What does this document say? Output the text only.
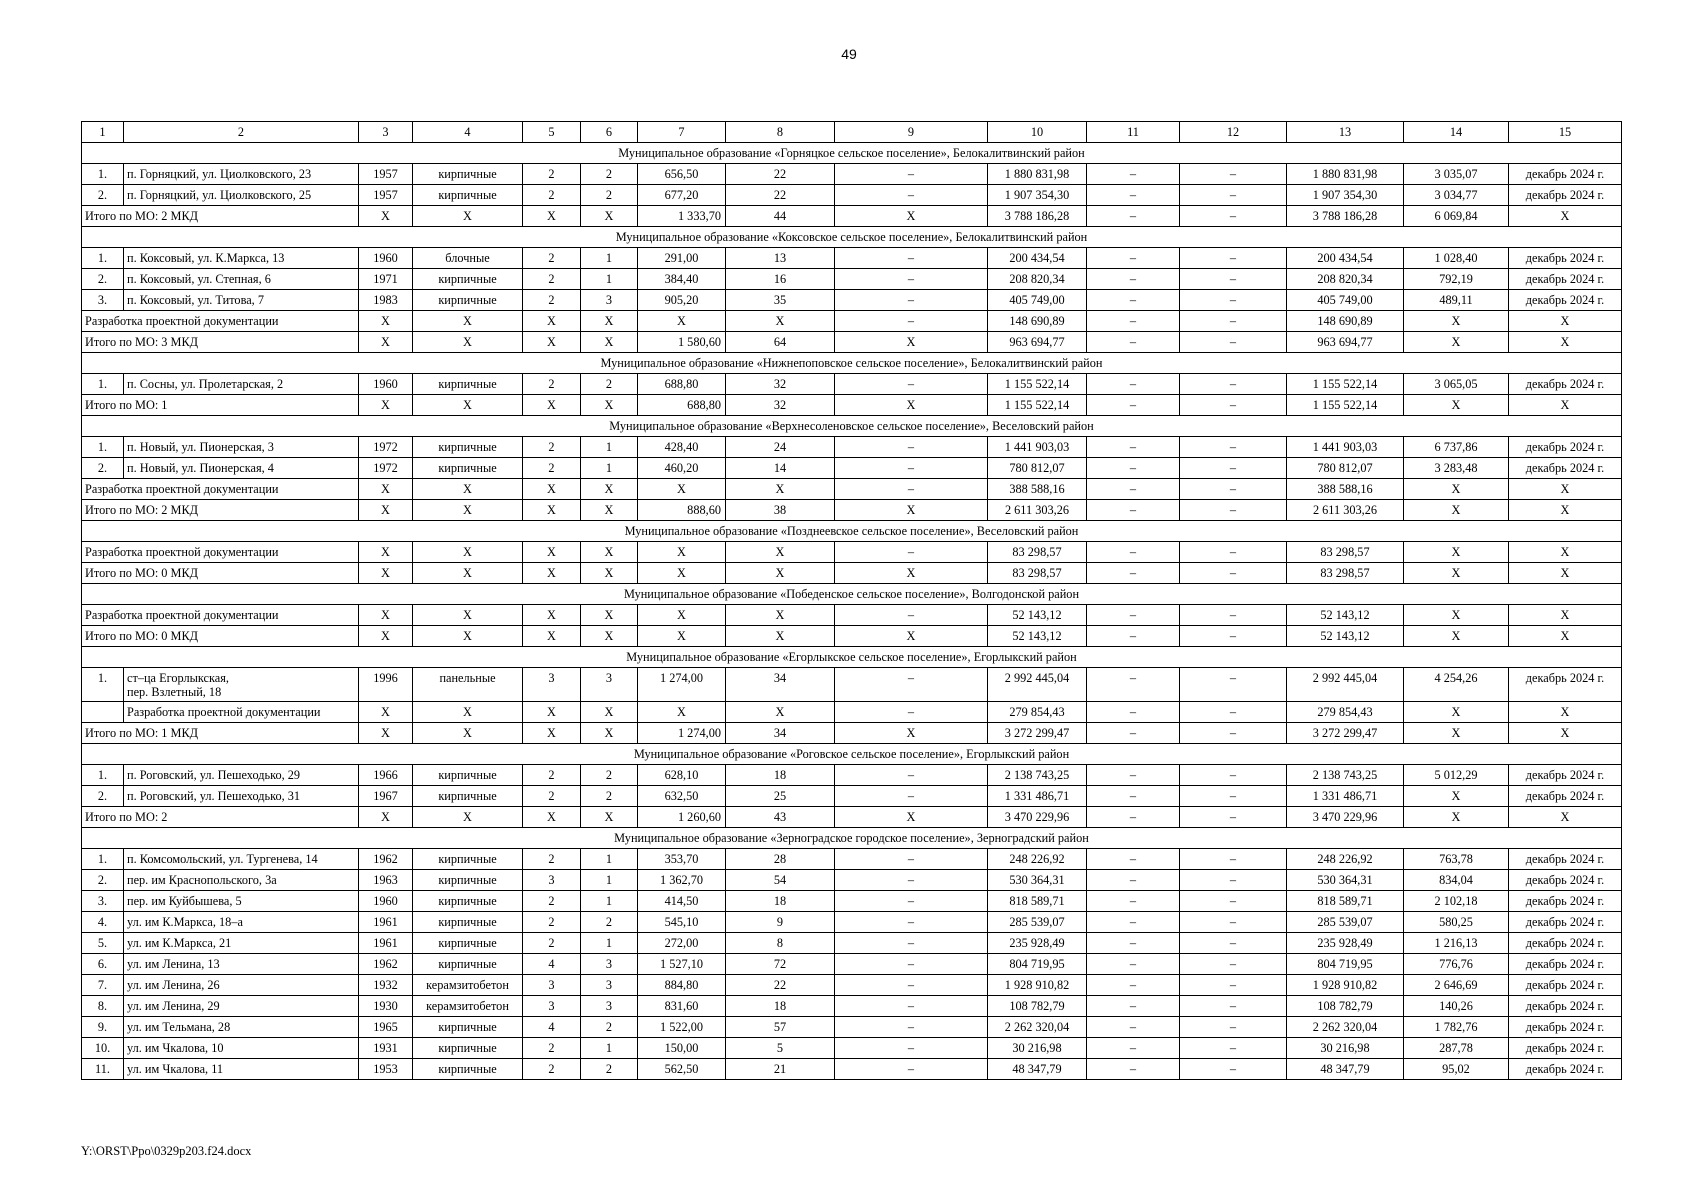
49
1	2	3	4	5	6	7	8	9	10	11	12	13	14	15
Муниципальное образование «Горняцкое сельское поселение», Белокалитвинский район														
1.	п. Горняцкий, ул. Циолковского, 23	1957	кирпичные	2	2	656,50	22	–	1 880 831,98	–	–	1 880 831,98	3 035,07	декабрь 2024 г.
2.	п. Горняцкий, ул. Циолковского, 25	1957	кирпичные	2	2	677,20	22	–	1 907 354,30	–	–	1 907 354,30	3 034,77	декабрь 2024 г.
Итого по МО: 2 МКД		X	X	X	X	1 333,70	44	X	3 788 186,28	–	–	3 788 186,28	6 069,84	X
Муниципальное образование «Коксовское сельское поселение», Белокалитвинский район														
1.	п. Коксовый, ул. К.Маркса, 13	1960	блочные	2	1	291,00	13	–	200 434,54	–	–	200 434,54	1 028,40	декабрь 2024 г.
2.	п. Коксовый, ул. Степная, 6	1971	кирпичные	2	1	384,40	16	–	208 820,34	–	–	208 820,34	792,19	декабрь 2024 г.
3.	п. Коксовый, ул. Титова, 7	1983	кирпичные	2	3	905,20	35	–	405 749,00	–	–	405 749,00	489,11	декабрь 2024 г.
Разработка проектной документации		X	X	X	X	X	X	–	148 690,89	–	–	148 690,89	X	X
Итого по МО: 3 МКД		X	X	X	X	1 580,60	64	X	963 694,77	–	–	963 694,77	X	X
Муниципальное образование «Нижнепоповское сельское поселение», Белокалитвинский район														
1.	п. Сосны, ул. Пролетарская, 2	1960	кирпичные	2	2	688,80	32	–	1 155 522,14	–	–	1 155 522,14	3 065,05	декабрь 2024 г.
Итого по МО: 1		X	X	X	X	688,80	32	X	1 155 522,14	–	–	1 155 522,14	X	X
Муниципальное образование «Верхнесоленовское сельское поселение», Веселовский район														
1.	п. Новый, ул. Пионерская, 3	1972	кирпичные	2	1	428,40	24	–	1 441 903,03	–	–	1 441 903,03	6 737,86	декабрь 2024 г.
2.	п. Новый, ул. Пионерская, 4	1972	кирпичные	2	1	460,20	14	–	780 812,07	–	–	780 812,07	3 283,48	декабрь 2024 г.
Разработка проектной документации		X	X	X	X	X	X	–	388 588,16	–	–	388 588,16	X	X
Итого по МО: 2 МКД		X	X	X	X	888,60	38	X	2 611 303,26	–	–	2 611 303,26	X	X
Муниципальное образование «Позднеевское сельское поселение», Веселовский район														
Разработка проектной документации		X	X	X	X	X	X	–	83 298,57	–	–	83 298,57	X	X
Итого по МО: 0 МКД		X	X	X	X	X	X	X	83 298,57	–	–	83 298,57	X	X
Муниципальное образование «Победенское сельское поселение», Волгодонской район														
Разработка проектной документации		X	X	X	X	X	X	–	52 143,12	–	–	52 143,12	X	X
Итого по МО: 0 МКД		X	X	X	X	X	X	X	52 143,12	–	–	52 143,12	X	X
Муниципальное образование «Егорлыкское сельское поселение», Егорлыкский район														
1.	ст–ца Егорлыкская,
пер. Взлетный, 18	1996	панельные	3	3	1 274,00	34	–	2 992 445,04	–	–	2 992 445,04	4 254,26	декабрь 2024 г.
	Разработка проектной документации	X	X	X	X	X	X	–	279 854,43	–	–	279 854,43	X	X
Итого по МО: 1 МКД		X	X	X	X	1 274,00	34	X	3 272 299,47	–	–	3 272 299,47	X	X
Муниципальное образование «Роговское сельское поселение», Егорлыкский район														
1.	п. Роговский, ул. Пешеходько, 29	1966	кирпичные	2	2	628,10	18	–	2 138 743,25	–	–	2 138 743,25	5 012,29	декабрь 2024 г.
2.	п. Роговский, ул. Пешеходько, 31	1967	кирпичные	2	2	632,50	25	–	1 331 486,71	–	–	1 331 486,71	X	декабрь 2024 г.
Итого по МО: 2		X	X	X	X	1 260,60	43	X	3 470 229,96	–	–	3 470 229,96	X	X
Муниципальное образование «Зерноградское городское поселение», Зерноградский район														
1.	п. Комсомольский, ул. Тургенева, 14	1962	кирпичные	2	1	353,70	28	–	248 226,92	–	–	248 226,92	763,78	декабрь 2024 г.
2.	пер. им Краснопольского, 3а	1963	кирпичные	3	1	1 362,70	54	–	530 364,31	–	–	530 364,31	834,04	декабрь 2024 г.
3.	пер. им Куйбышева, 5	1960	кирпичные	2	1	414,50	18	–	818 589,71	–	–	818 589,71	2 102,18	декабрь 2024 г.
4.	ул. им К.Маркса, 18–а	1961	кирпичные	2	2	545,10	9	–	285 539,07	–	–	285 539,07	580,25	декабрь 2024 г.
5.	ул. им К.Маркса, 21	1961	кирпичные	2	1	272,00	8	–	235 928,49	–	–	235 928,49	1 216,13	декабрь 2024 г.
6.	ул. им Ленина, 13	1962	кирпичные	4	3	1 527,10	72	–	804 719,95	–	–	804 719,95	776,76	декабрь 2024 г.
7.	ул. им Ленина, 26	1932	керамзитобетон	3	3	884,80	22	–	1 928 910,82	–	–	1 928 910,82	2 646,69	декабрь 2024 г.
8.	ул. им Ленина, 29	1930	керамзитобетон	3	3	831,60	18	–	108 782,79	–	–	108 782,79	140,26	декабрь 2024 г.
9.	ул. им Тельмана, 28	1965	кирпичные	4	2	1 522,00	57	–	2 262 320,04	–	–	2 262 320,04	1 782,76	декабрь 2024 г.
10.	ул. им Чкалова, 10	1931	кирпичные	2	1	150,00	5	–	30 216,98	–	–	30 216,98	287,78	декабрь 2024 г.
11.	ул. им Чкалова, 11	1953	кирпичные	2	2	562,50	21	–	48 347,79	–	–	48 347,79	95,02	декабрь 2024 г.
Y:\ORST\Ppo\0329p203.f24.docx
